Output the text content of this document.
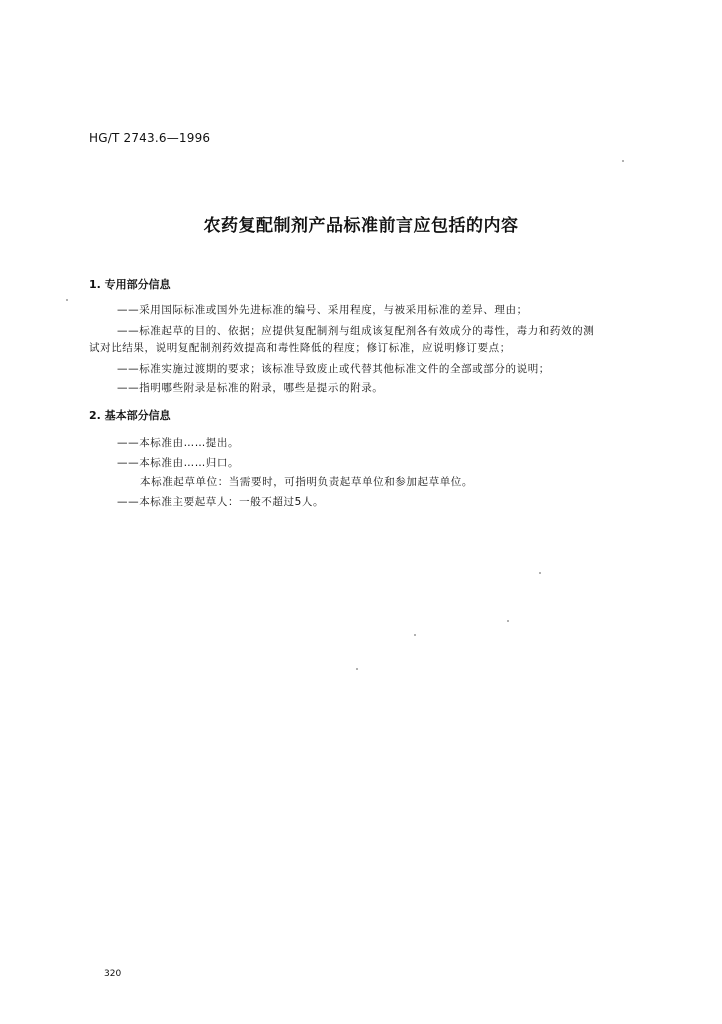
HG/T 2743.6—1996
农药复配制剂产品标准前言应包括的内容
1. 专用部分信息
——采用国际标准或国外先进标准的编号、采用程度，与被采用标准的差异、理由；
——标准起草的目的、依据；应提供复配制剂与组成该复配剂各有效成分的毒性，毒力和药效的测
试对比结果，说明复配制剂药效提高和毒性降低的程度；修订标准，应说明修订要点；
——标准实施过渡期的要求；该标准导致废止或代替其他标准文件的全部或部分的说明；
——指明哪些附录是标准的附录，哪些是提示的附录。
2. 基本部分信息
——本标准由……提出。
——本标准由……归口。
本标准起草单位：当需要时，可指明负责起草单位和参加起草单位。
——本标准主要起草人：一般不超过5人。
320
